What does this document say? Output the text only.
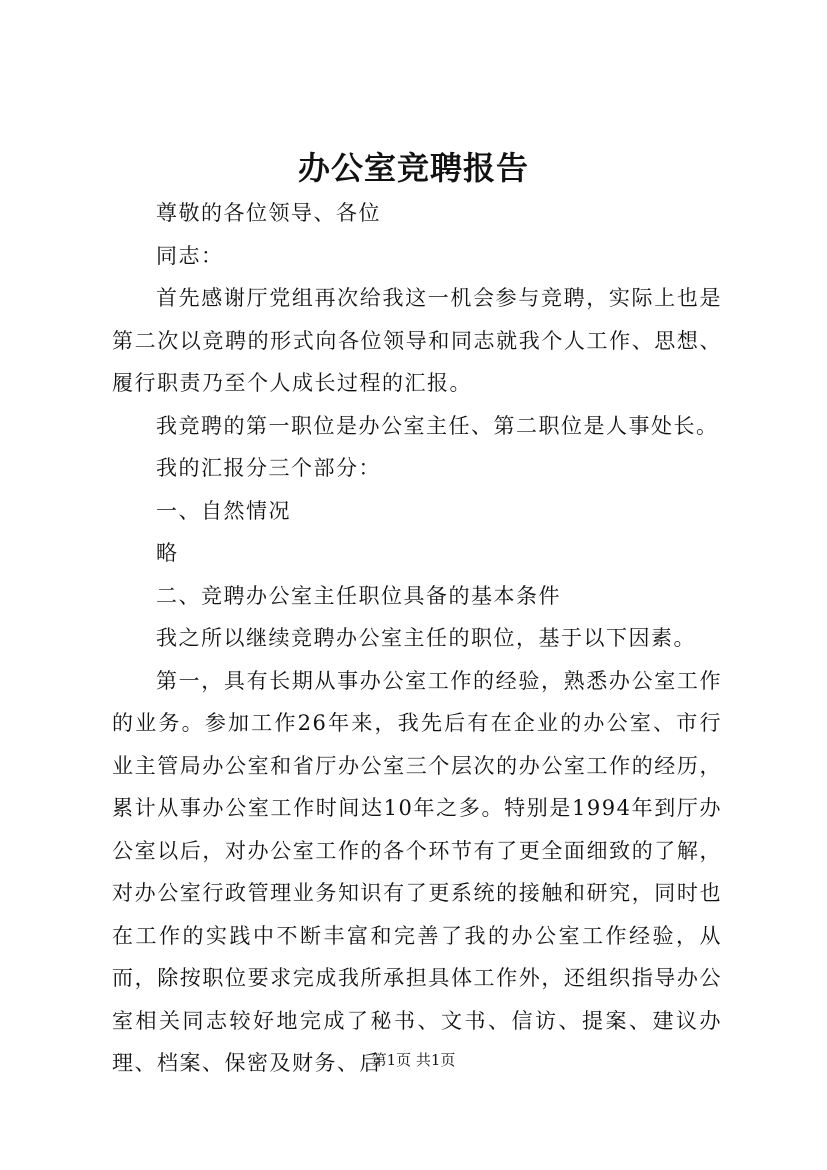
办公室竞聘报告

尊敬的各位领导、各位

同志：

首先感谢厅党组再次给我这一机会参与竞聘，实际上也是第二次以竞聘的形式向各位领导和同志就我个人工作、思想、履行职责乃至个人成长过程的汇报。

我竞聘的第一职位是办公室主任、第二职位是人事处长。

我的汇报分三个部分：

一、自然情况

略

二、竞聘办公室主任职位具备的基本条件

我之所以继续竞聘办公室主任的职位，基于以下因素。

第一，具有长期从事办公室工作的经验，熟悉办公室工作的业务。参加工作26年来，我先后有在企业的办公室、市行业主管局办公室和省厅办公室三个层次的办公室工作的经历，累计从事办公室工作时间达10年之多。特别是1994年到厅办公室以后，对办公室工作的各个环节有了更全面细致的了解，对办公室行政管理业务知识有了更系统的接触和研究，同时也在工作的实践中不断丰富和完善了我的办公室工作经验，从而，除按职位要求完成我所承担具体工作外，还组织指导办公室相关同志较好地完成了秘书、文书、信访、提案、建议办理、档案、保密及财务、后

第1页 共1页
